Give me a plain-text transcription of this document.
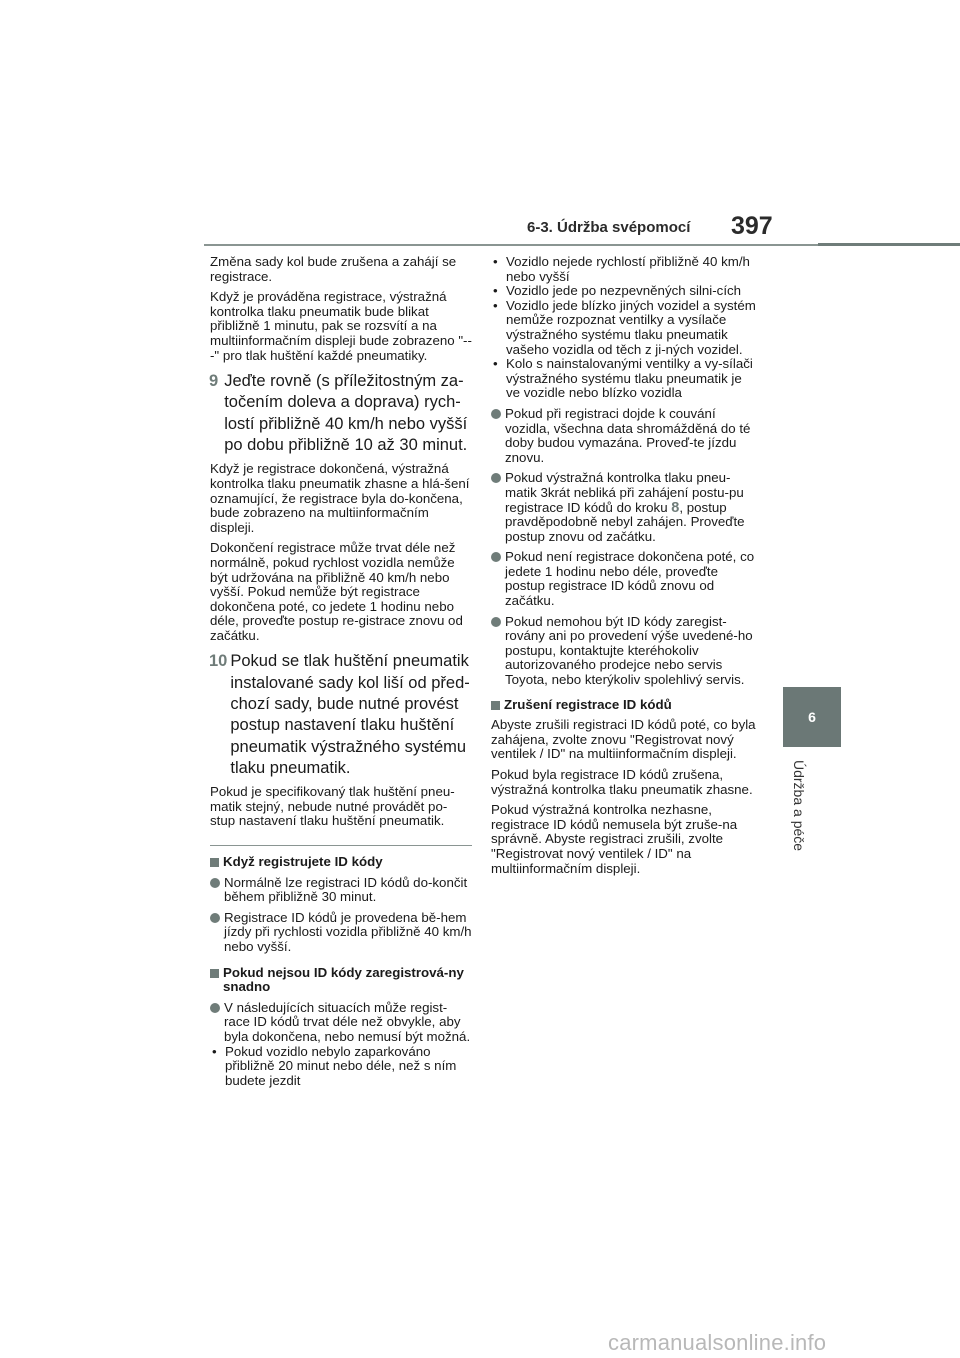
6-3. Údržba svépomocí 397
6
Údržba a péče

Změna sady kol bude zrušena a zahájí se registrace.

Když je prováděna registrace, výstražná kontrolka tlaku pneumatik bude blikat přibližně 1 minutu, pak se rozsvítí a na multiinformačním displeji bude zobrazeno "---" pro tlak huštění každé pneumatiky.

9 Jeďte rovně (s příležitostným za-točením doleva a doprava) rych-lostí přibližně 40 km/h nebo vyšší po dobu přibližně 10 až 30 minut.

Když je registrace dokončená, výstražná kontrolka tlaku pneumatik zhasne a hlá-šení oznamující, že registrace byla do-končena, bude zobrazeno na multiinformačním displeji.

Dokončení registrace může trvat déle než normálně, pokud rychlost vozidla nemůže být udržována na přibližně 40 km/h nebo vyšší. Pokud nemůže být registrace dokončena poté, co jedete 1 hodinu nebo déle, proveďte postup re-gistrace znovu od začátku.

10 Pokud se tlak huštění pneumatik instalované sady kol liší od před-chozí sady, bude nutné provést postup nastavení tlaku huštění pneumatik výstražného systému tlaku pneumatik.

Pokud je specifikovaný tlak huštění pneu-matik stejný, nebude nutné provádět po-stup nastavení tlaku huštění pneumatik.

Když registrujete ID kódy
Normálně lze registraci ID kódů do-končit během přibližně 30 minut.
Registrace ID kódů je provedena bě-hem jízdy při rychlosti vozidla přibližně 40 km/h nebo vyšší.
Pokud nejsou ID kódy zaregistrová-ny snadno
V následujících situacích může regist-race ID kódů trvat déle než obvykle, aby byla dokončena, nebo nemusí být možná.
• Pokud vozidlo nebylo zaparkováno přibližně 20 minut nebo déle, než s ním budete jezdit
• Vozidlo nejede rychlostí přibližně 40 km/h nebo vyšší
• Vozidlo jede po nezpevněných silni-cích
• Vozidlo jede blízko jiných vozidel a systém nemůže rozpoznat ventilky a vysílače výstražného systému tlaku pneumatik vašeho vozidla od těch z ji-ných vozidel.
• Kolo s nainstalovanými ventilky a vy-sílači výstražného systému tlaku pneumatik je ve vozidle nebo blízko vozidla
Pokud při registraci dojde k couvání vozidla, všechna data shromážděná do té doby budou vymazána. Proveď-te jízdu znovu.
Pokud výstražná kontrolka tlaku pneu-matik 3krát nebliká při zahájení postu-pu registrace ID kódů do kroku 8, postup pravděpodobně nebyl zahájen. Proveďte postup znovu od začátku.
Pokud není registrace dokončena poté, co jedete 1 hodinu nebo déle, proveďte postup registrace ID kódů znovu od začátku.
Pokud nemohou být ID kódy zaregist-rovány ani po provedení výše uvedené-ho postupu, kontaktujte kteréhokoliv autorizovaného prodejce nebo servis Toyota, nebo kterýkoliv spolehlivý servis.
Zrušení registrace ID kódů

Abyste zrušili registraci ID kódů poté, co byla zahájena, zvolte znovu "Registrovat nový ventilek / ID" na multiinformačním displeji.

Pokud byla registrace ID kódů zrušena, výstražná kontrolka tlaku pneumatik zhasne.

Pokud výstražná kontrolka nezhasne, registrace ID kódů nemusela být zruše-na správně. Abyste registraci zrušili, zvolte "Registrovat nový ventilek / ID" na multiinformačním displeji.

carmanualsonline.info
